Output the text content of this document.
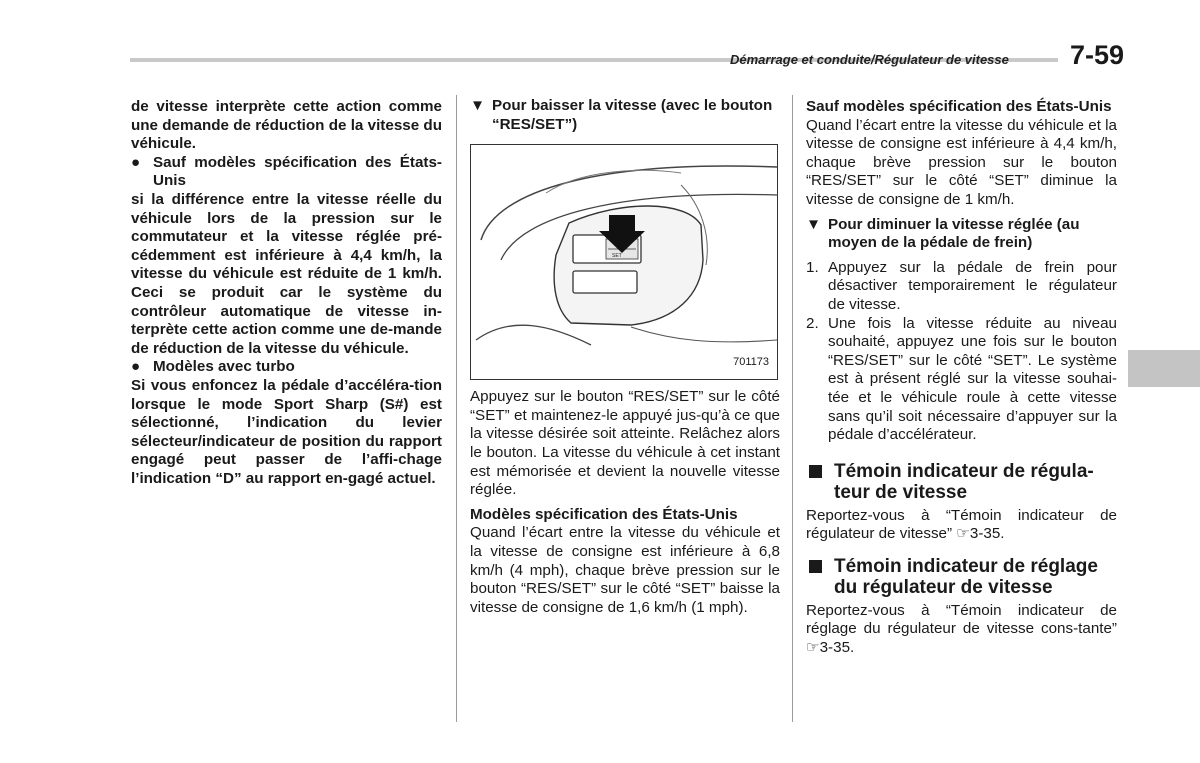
Démarrage et conduite/Régulateur de vitesse 7-59

de vitesse interprète cette action comme une demande de réduction de la vitesse du véhicule.

● Sauf modèles spécification des États-Unis

si la différence entre la vitesse réelle du véhicule lors de la pression sur le commutateur et la vitesse réglée pré-cédemment est inférieure à 4,4 km/h, la vitesse du véhicule est réduite de 1 km/h. Ceci se produit car le système du contrôleur automatique de vitesse in-terprète cette action comme une de-mande de réduction de la vitesse du véhicule.

● Modèles avec turbo

Si vous enfoncez la pédale d’accéléra-tion lorsque le mode Sport Sharp (S#) est sélectionné, l’indication du levier sélecteur/indicateur de position du rapport engagé peut passer de l’affi-chage l’indication “D” au rapport en-gagé actuel.

▼ Pour baisser la vitesse (avec le bouton “RES/SET”)
SET
701173

Appuyez sur le bouton “RES/SET” sur le côté “SET” et maintenez-le appuyé jus-qu’à ce que la vitesse désirée soit atteinte. Relâchez alors le bouton. La vitesse du véhicule à cet instant est mémorisée et devient la nouvelle vitesse réglée.

Modèles spécification des États-Unis

Quand l’écart entre la vitesse du véhicule et la vitesse de consigne est inférieure à 6,8 km/h (4 mph), chaque brève pression sur le bouton “RES/SET” sur le côté “SET” baisse la vitesse de consigne de 1,6 km/h (1 mph).

Sauf modèles spécification des États-Unis

Quand l’écart entre la vitesse du véhicule et la vitesse de consigne est inférieure à 4,4 km/h, chaque brève pression sur le bouton “RES/SET” sur le côté “SET” diminue la vitesse de consigne de 1 km/h.

▼ Pour diminuer la vitesse réglée (au moyen de la pédale de frein)
1. Appuyez sur la pédale de frein pour désactiver temporairement le régulateur de vitesse.
2. Une fois la vitesse réduite au niveau souhaité, appuyez une fois sur le bouton “RES/SET” sur le côté “SET”. Le système est à présent réglé sur la vitesse souhai-tée et le véhicule roule à cette vitesse sans qu’il soit nécessaire d’appuyer sur la pédale d’accélérateur.
Témoin indicateur de régula-teur de vitesse

Reportez-vous à “Témoin indicateur de régulateur de vitesse” ☞3-35.

Témoin indicateur de réglage du régulateur de vitesse

Reportez-vous à “Témoin indicateur de réglage du régulateur de vitesse cons-tante” ☞3-35.
